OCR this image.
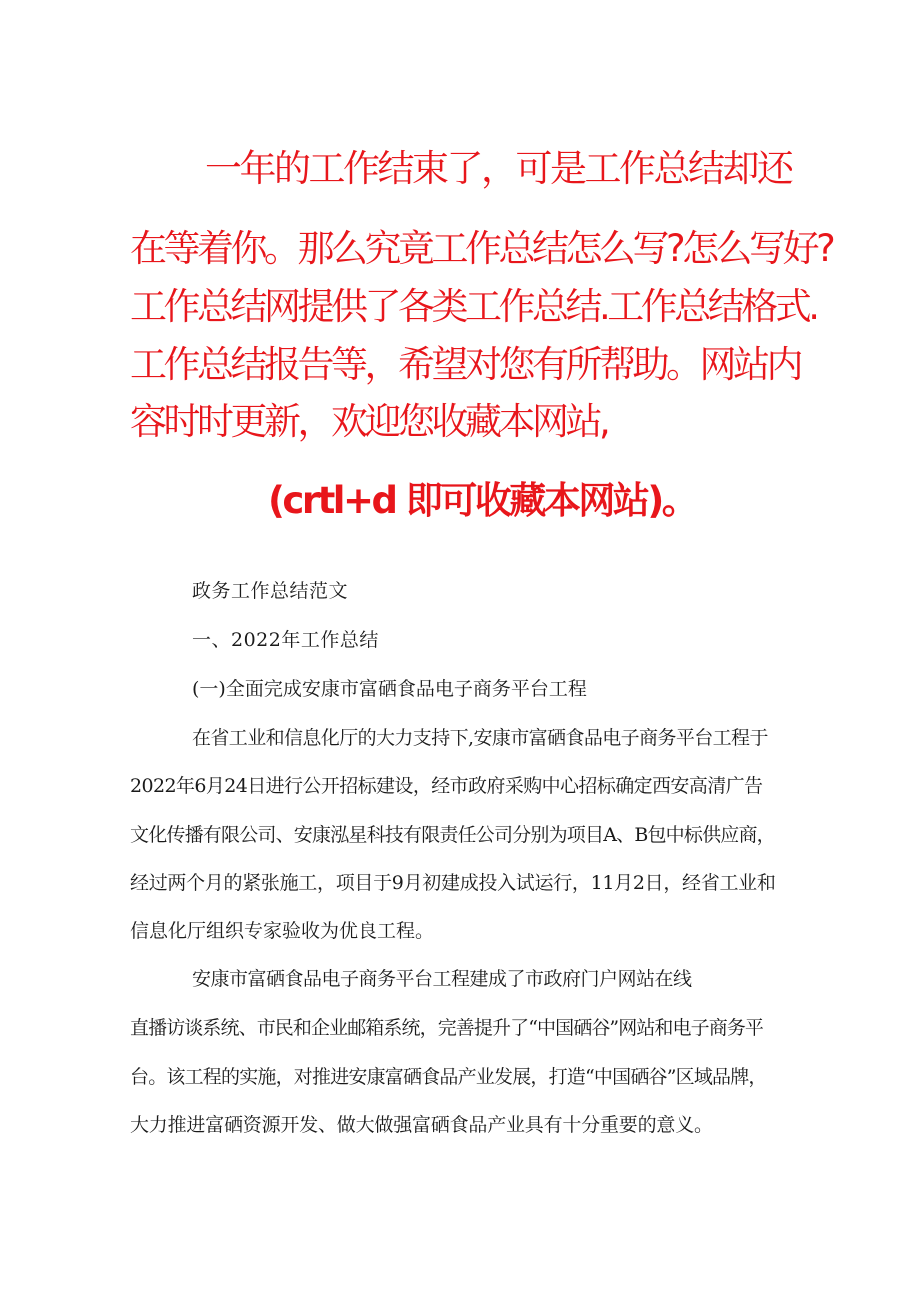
一年的工作结束了，可是工作总结却还
在等着你。那么究竟工作总结怎么写?怎么写好?
工作总结网提供了各类工作总结.工作总结格式.
工作总结报告等，希望对您有所帮助。网站内
容时时更新，欢迎您收藏本网站,
(crtl+d 即可收藏本网站)。
政务工作总结范文
一、2022年工作总结
(一)全面完成安康市富硒食品电子商务平台工程
在省工业和信息化厅的大力支持下,安康市富硒食品电子商务平台工程于
2022年6月24日进行公开招标建设，经市政府采购中心招标确定西安高清广告
文化传播有限公司、安康泓星科技有限责任公司分别为项目A、B包中标供应商，
经过两个月的紧张施工，项目于9月初建成投入试运行，11月2日，经省工业和
信息化厅组织专家验收为优良工程。
安康市富硒食品电子商务平台工程建成了市政府门户网站在线
直播访谈系统、市民和企业邮箱系统，完善提升了“中国硒谷”网站和电子商务平
台。该工程的实施，对推进安康富硒食品产业发展，打造“中国硒谷”区域品牌，
大力推进富硒资源开发、做大做强富硒食品产业具有十分重要的意义。
